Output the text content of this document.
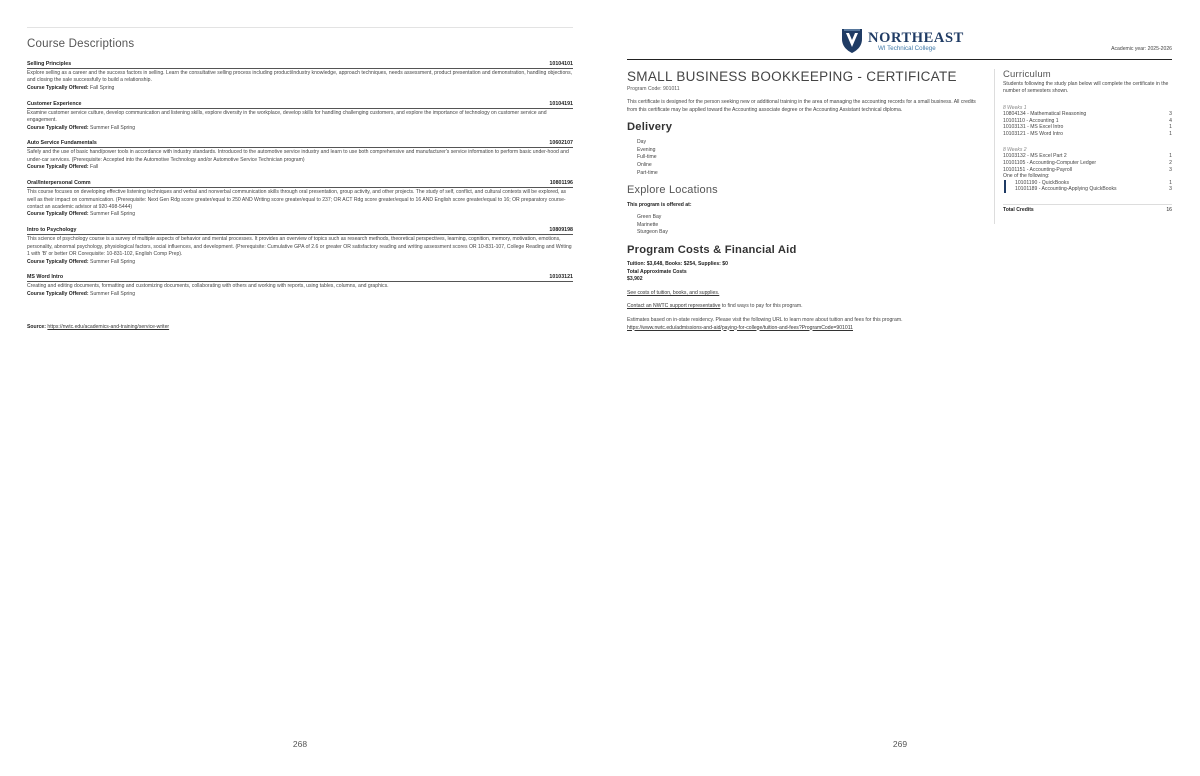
Course Descriptions
Selling Principles	10104101
Explore selling as a career and the success factors in selling. Learn the consultative selling process including product/industry knowledge, approach techniques, needs assessment, product presentation and demonstration, handling objections, and closing the sale successfully to build a relationship.
Course Typically Offered: Fall Spring
Customer Experience	10104191
Examine customer service culture, develop communication and listening skills, explore diversity in the workplace, develop skills for handling challenging customers, and explore the importance of technology on customer service and engagement.
Course Typically Offered: Summer Fall Spring
Auto Service Fundamentals	10602107
Safely and the use of basic hand/power tools in accordance with industry standards. Introduced to the automotive service industry and learn to use both comprehensive and manufacturer's service information to perform basic under-hood and under-car services. (Prerequisite: Accepted into the Automotive Technology and/or Automotive Service Technician program)
Course Typically Offered: Fall
Oral/Interpersonal Comm	10801196
This course focuses on developing effective listening techniques and verbal and nonverbal communication skills through oral presentation, group activity, and other projects. The study of self, conflict, and cultural contexts will be explored, as well as their impact on communication. (Prerequisite: Next Gen Rdg score greater/equal to 250 AND Writing score greater/equal to 237; OR ACT Rdg score greater/equal to 16 AND English score greater/equal to 16; OR preparatory course-contact an academic advisor at 920-498-5444)
Course Typically Offered: Summer Fall Spring
Intro to Psychology	10809198
This science of psychology course is a survey of multiple aspects of behavior and mental processes. It provides an overview of topics such as research methods, theoretical perspectives, learning, cognition, memory, motivation, emotions, personality, abnormal psychology, physiological factors, social influences, and development. (Prerequisite: Cumulative GPA of 2.6 or greater OR satisfactory reading and writing assessment scores OR 10-831-107, College Reading and Writing 1 with 'B' or better OR Corequisite: 10-831-102, English Comp Prep).
Course Typically Offered: Summer Fall Spring
MS Word Intro	10103121
Creating and editing documents, formatting and customizing documents, collaborating with others and working with reports, using tables, columns, and graphics.
Course Typically Offered: Summer Fall Spring
Source: https://nwtc.edu/academics-and-training/service-writer
268
NORTHEAST
WI Technical College	Academic year: 2025-2026
SMALL BUSINESS BOOKKEEPING - CERTIFICATE
Program Code: 901011
This certificate is designed for the person seeking new or additional training in the area of managing the accounting records for a small business. All credits from this certificate may be applied toward the Accounting associate degree or the Accounting Assistant technical diploma.
Delivery
Day
Evening
Full-time
Online
Part-time
Explore Locations
This program is offered at:
Green Bay
Marinette
Sturgeon Bay
Program Costs & Financial Aid
Tuition: $3,648, Books: $254, Supplies: $0
Total Approximate Costs
$3,902
See costs of tuition, books, and supplies.
Contact an NWTC support representative to find ways to pay for this program.
Estimates based on in-state residency. Please visit the following URL to learn more about tuition and fees for this program.
https://www.nwtc.edu/admissions-and-aid/paying-for-college/tuition-and-fees?ProgramCode=901011
Curriculum
Students following the study plan below will complete the certificate in the number of semesters shown.
8 Weeks 1
10804134 - Mathematical Reasoning	3
10101110 - Accounting 1	4
10103131 - MS Excel Intro	1
10103121 - MS Word Intro	1
8 Weeks 2
10103132 - MS Excel Part 2	1
10101105 - Accounting-Computer Ledger	2
10101151 - Accounting-Payroll	3
One of the following:
10101190 - QuickBooks	1
10101189 - Accounting-Applying QuickBooks	3
Total Credits	16
269
